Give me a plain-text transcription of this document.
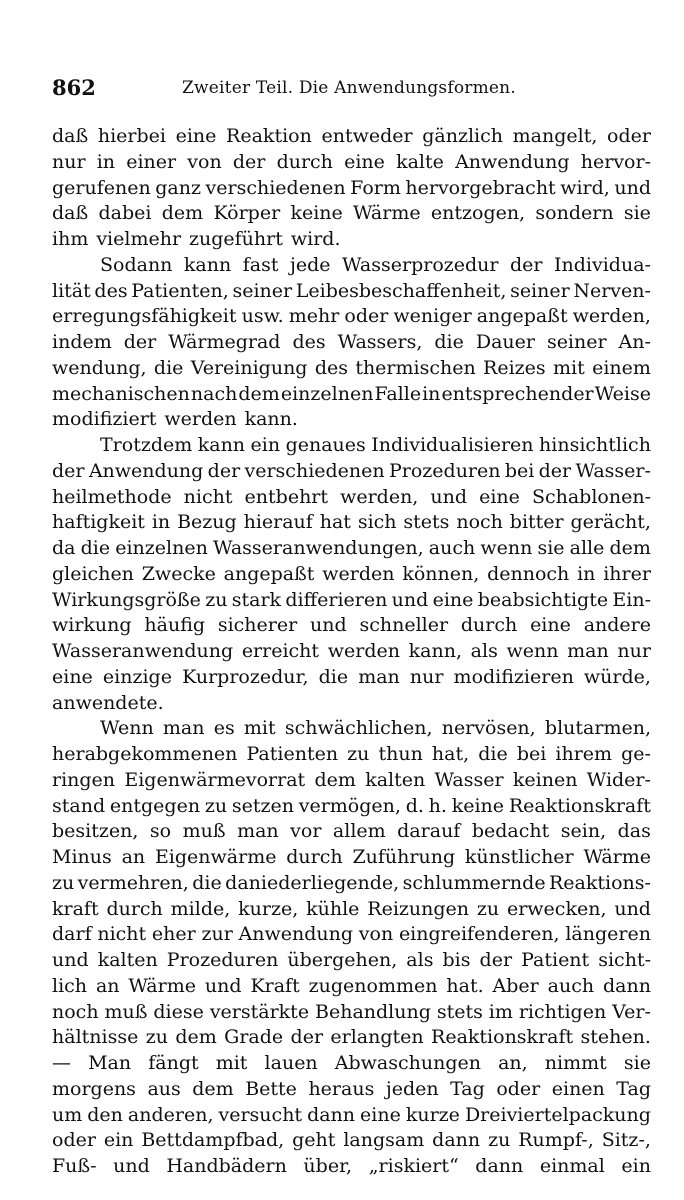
862	Zweiter Teil. Die Anwendungsformen.
daß hierbei eine Reaktion entweder gänzlich mangelt, oder
nur in einer von der durch eine kalte Anwendung hervor-
gerufenen ganz verschiedenen Form hervorgebracht wird, und
daß dabei dem Körper keine Wärme entzogen, sondern sie
ihm vielmehr zugeführt wird.
Sodann kann fast jede Wasserprozedur der Individua-
lität des Patienten, seiner Leibesbeschaffenheit, seiner Nerven-
erregungsfähigkeit usw. mehr oder weniger angepaßt werden,
indem der Wärmegrad des Wassers, die Dauer seiner An-
wendung, die Vereinigung des thermischen Reizes mit einem
mechanischen nach dem einzelnen Falle in entsprechender Weise
modifiziert werden kann.
Trotzdem kann ein genaues Individualisieren hinsichtlich
der Anwendung der verschiedenen Prozeduren bei der Wasser-
heilmethode nicht entbehrt werden, und eine Schablonen-
haftigkeit in Bezug hierauf hat sich stets noch bitter gerächt,
da die einzelnen Wasseranwendungen, auch wenn sie alle dem
gleichen Zwecke angepaßt werden können, dennoch in ihrer
Wirkungsgröße zu stark differieren und eine beabsichtigte Ein-
wirkung häufig sicherer und schneller durch eine andere
Wasseranwendung erreicht werden kann, als wenn man nur
eine einzige Kurprozedur, die man nur modifizieren würde,
anwendete.
Wenn man es mit schwächlichen, nervösen, blutarmen,
herabgekommenen Patienten zu thun hat, die bei ihrem ge-
ringen Eigenwärmevorrat dem kalten Wasser keinen Wider-
stand entgegen zu setzen vermögen, d. h. keine Reaktionskraft
besitzen, so muß man vor allem darauf bedacht sein, das
Minus an Eigenwärme durch Zuführung künstlicher Wärme
zu vermehren, die daniederliegende, schlummernde Reaktions-
kraft durch milde, kurze, kühle Reizungen zu erwecken, und
darf nicht eher zur Anwendung von eingreifenderen, längeren
und kalten Prozeduren übergehen, als bis der Patient sicht-
lich an Wärme und Kraft zugenommen hat. Aber auch dann
noch muß diese verstärkte Behandlung stets im richtigen Ver-
hältnisse zu dem Grade der erlangten Reaktionskraft stehen.
— Man fängt mit lauen Abwaschungen an, nimmt sie
morgens aus dem Bette heraus jeden Tag oder einen Tag
um den anderen, versucht dann eine kurze Dreiviertelpackung
oder ein Bettdampfbad, geht langsam dann zu Rumpf-, Sitz-,
Fuß- und Handbädern über, „riskiert“ dann einmal ein
